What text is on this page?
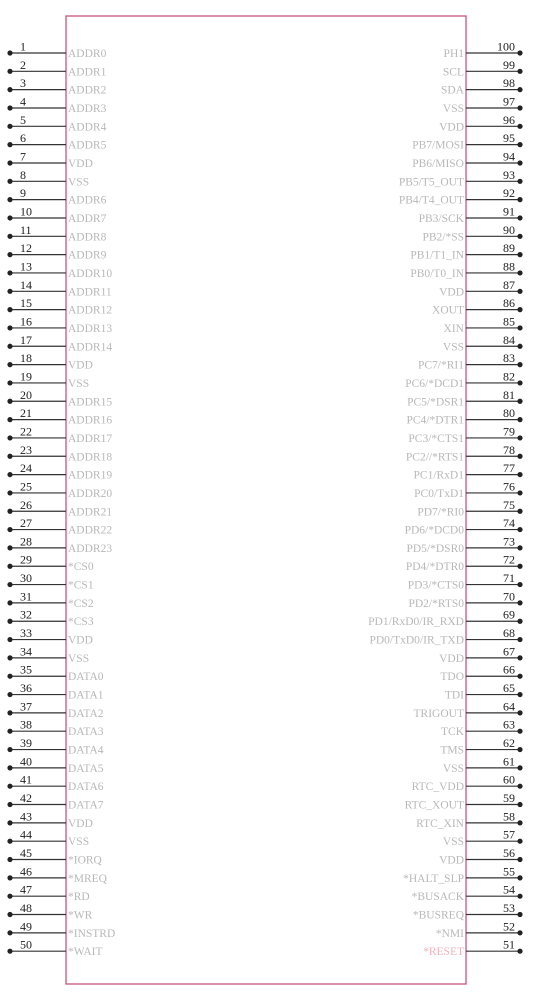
1
ADDR0
2
ADDR1
3
ADDR2
4
ADDR3
5
ADDR4
6
ADDR5
7
VDD
8
VSS
9
ADDR6
10
ADDR7
11
ADDR8
12
ADDR9
13
ADDR10
14
ADDR11
15
ADDR12
16
ADDR13
17
ADDR14
18
VDD
19
VSS
20
ADDR15
21
ADDR16
22
ADDR17
23
ADDR18
24
ADDR19
25
ADDR20
26
ADDR21
27
ADDR22
28
ADDR23
29
*CS0
30
*CS1
31
*CS2
32
*CS3
33
VDD
34
VSS
35
DATA0
36
DATA1
37
DATA2
38
DATA3
39
DATA4
40
DATA5
41
DATA6
42
DATA7
43
VDD
44
VSS
45
*IORQ
46
*MREQ
47
*RD
48
*WR
49
*INSTRD
50
*WAIT
100
PH1
99
SCL
98
SDA
97
VSS
96
VDD
95
PB7/MOSI
94
PB6/MISO
93
PB5/T5_OUT
92
PB4/T4_OUT
91
PB3/SCK
90
PB2/*SS
89
PB1/T1_IN
88
PB0/T0_IN
87
VDD
86
XOUT
85
XIN
84
VSS
83
PC7/*RI1
82
PC6/*DCD1
81
PC5/*DSR1
80
PC4/*DTR1
79
PC3/*CTS1
78
PC2//*RTS1
77
PC1/RxD1
76
PC0/TxD1
75
PD7/*RI0
74
PD6/*DCD0
73
PD5/*DSR0
72
PD4/*DTR0
71
PD3/*CTS0
70
PD2/*RTS0
69
PD1/RxD0/IR_RXD
68
PD0/TxD0/IR_TXD
67
VDD
66
TDO
65
TDI
64
TRIGOUT
63
TCK
62
TMS
61
VSS
60
RTC_VDD
59
RTC_XOUT
58
RTC_XIN
57
VSS
56
VDD
55
*HALT_SLP
54
*BUSACK
53
*BUSREQ
52
*NMI
51
*RESET
